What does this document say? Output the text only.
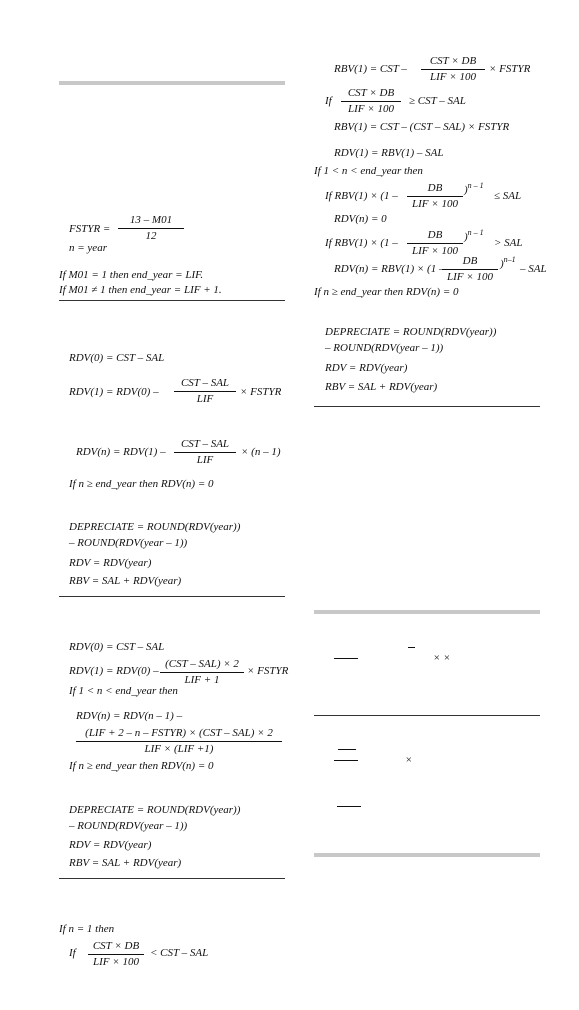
FSTYR = $\frac{13 - M01}{12}$
n = year
If M01 = 1 then end_year = LIF.
If M01 ≠ 1 then end_year = LIF + 1.
RDV(0) = CST – SAL
RDV(1) = RDV(0) –
CST – SAL
LIF
× FSTYR
RDV(n) = RDV(1) –
CST – SAL
LIF
× (n – 1)
If n ≥ end_year then RDV(n) = 0
DEPRECIATE = ROUND(RDV(year))
– ROUND(RDV(year – 1))
RDV = RDV(year)
RBV = SAL + RDV(year)
RDV(0) = CST – SAL
RDV(1) = RDV(0) –
(CST – SAL) × 2
LIF + 1
× FSTYR
If 1 < n < end_year then
RDV(n) = RDV(n – 1) –
(LIF + 2 – n – FSTYR) × (CST – SAL) × 2
LIF × (LIF +1)
If n ≥ end_year then RDV(n) = 0
DEPRECIATE = ROUND(RDV(year))
– ROUND(RDV(year – 1))
RDV = RDV(year)
RBV = SAL + RDV(year)
If n = 1 then
If
CST × DB
LIF × 100
< CST – SAL
RBV(1) = CST –
CST × DB
LIF × 100
× FSTYR
If
CST × DB
LIF × 100
≥ CST – SAL
RBV(1) = CST – (CST – SAL) × FSTYR
RDV(1) = RBV(1) – SAL
If 1 < n < end_year then
If RBV(1) × (1 –
DB
LIF × 100
)$^{n - 1}$
≤ SAL
RDV(n) = 0
If RBV(1) × (1 –
DB
LIF × 100
)$^{n - 1}$
> SAL
RDV(n) = RBV(1) × (1 –
DB
LIF × 100
)$^{n-1}$
– SAL
If n ≥ end_year then RDV(n) = 0
DEPRECIATE = ROUND(RDV(year))
– ROUND(RDV(year – 1))
RDV = RDV(year)
RBV = SAL + RDV(year)
× ×
×
